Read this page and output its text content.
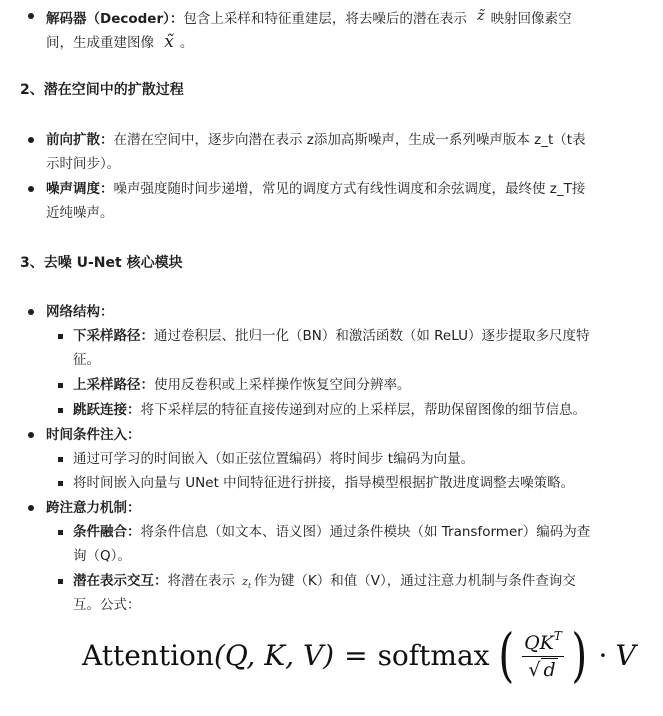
解码器（Decoder）：包含上采样和特征重建层，将去噪后的潜在表示 z̃ 映射回像素空
间，生成重建图像 x̃ 。
2、潜在空间中的扩散过程
前向扩散：在潜在空间中，逐步向潜在表示 z添加高斯噪声，生成一系列噪声版本 z_t（t表
示时间步）。
噪声调度：噪声强度随时间步递增，常见的调度方式有线性调度和余弦调度，最终使 z_T接
近纯噪声。
3、去噪 U-Net 核心模块
网络结构：
下采样路径：通过卷积层、批归一化（BN）和激活函数（如 ReLU）逐步提取多尺度特
征。
上采样路径：使用反卷积或上采样操作恢复空间分辨率。
跳跃连接：将下采样层的特征直接传递到对应的上采样层，帮助保留图像的细节信息。
时间条件注入：
通过可学习的时间嵌入（如正弦位置编码）将时间步 t编码为向量。
将时间嵌入向量与 UNet 中间特征进行拼接，指导模型根据扩散进度调整去噪策略。
跨注意力机制：
条件融合：将条件信息（如文本、语义图）通过条件模块（如 Transformer）编码为查
询（Q）。
潜在表示交互：将潜在表示 $z_t$ 作为键（K）和值（V），通过注意力机制与条件查询交
互。公式：
Attention (Q, K, V) = softmax ( $\frac{QK^T}{√ d}$ ) · V
